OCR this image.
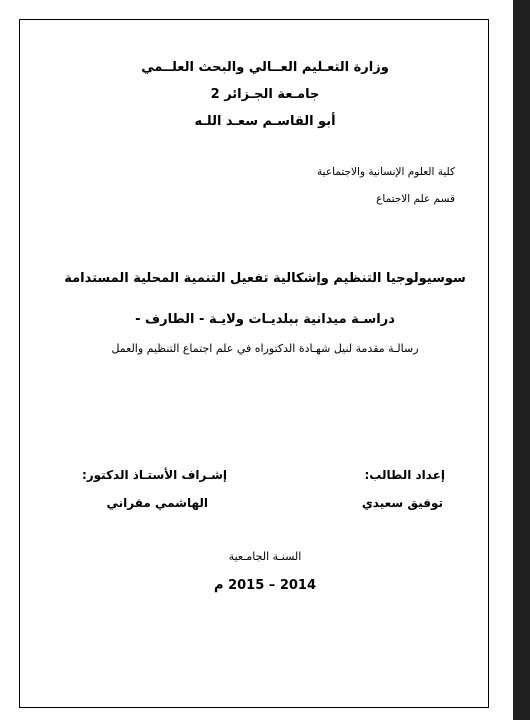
وزارة التعـليم العــالي والبحث العلــمي
جامـعة الجـزائر 2
أبو القاسـم سعـد اللـه
كلية العلوم الإنسانية والاجتماعية
قسم علم الاجتماع
سوسيولوجيا التنظيم وإشكالية تفعيل التنمية المحلية المستدامة
دراسـة ميدانية ببلديـات ولايـة - الطارف -
رسالـة مقدمة لنيل شهـادة الدكتوراه في علم اجتماع التنظيم والعمل
إعداد الطالب:
توفيق سعيدي
إشـراف الأستـاذ الدكتور:
الهاشمي مقراني
السنـة الجامـعية
2014 – 2015 م
